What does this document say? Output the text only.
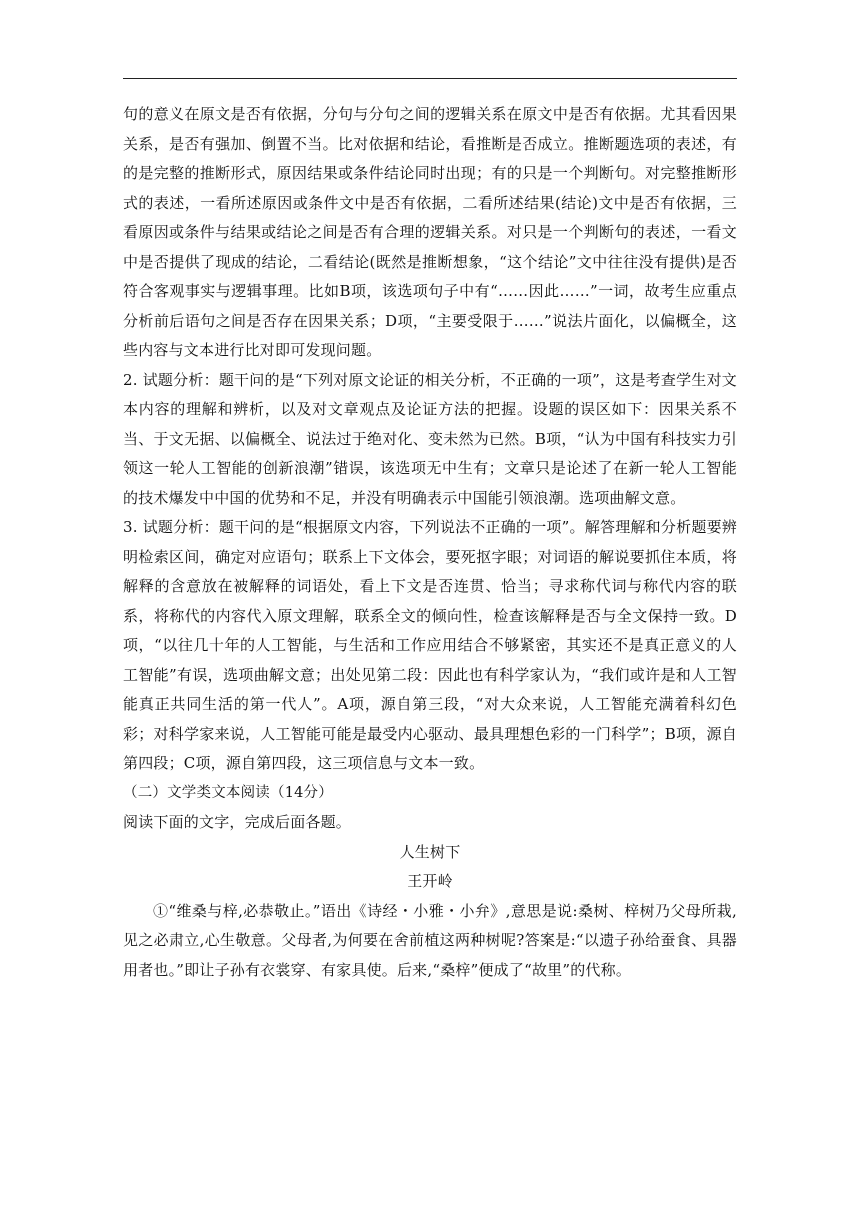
句的意义在原文是否有依据，分句与分句之间的逻辑关系在原文中是否有依据。尤其看因果关系，是否有强加、倒置不当。比对依据和结论，看推断是否成立。推断题选项的表述，有的是完整的推断形式，原因结果或条件结论同时出现；有的只是一个判断句。对完整推断形式的表述，一看所述原因或条件文中是否有依据，二看所述结果(结论)文中是否有依据，三看原因或条件与结果或结论之间是否有合理的逻辑关系。对只是一个判断句的表述，一看文中是否提供了现成的结论，二看结论(既然是推断想象，“这个结论”文中往往没有提供)是否符合客观事实与逻辑事理。比如B项，该选项句子中有“……因此……”一词，故考生应重点分析前后语句之间是否存在因果关系；D项，“主要受限于……”说法片面化，以偏概全，这些内容与文本进行比对即可发现问题。

2. 试题分析：题干问的是“下列对原文论证的相关分析，不正确的一项”，这是考查学生对文本内容的理解和辨析，以及对文章观点及论证方法的把握。设题的误区如下：因果关系不当、于文无据、以偏概全、说法过于绝对化、变未然为已然。B项，“认为中国有科技实力引领这一轮人工智能的创新浪潮”错误，该选项无中生有；文章只是论述了在新一轮人工智能的技术爆发中中国的优势和不足，并没有明确表示中国能引领浪潮。选项曲解文意。

3. 试题分析：题干问的是“根据原文内容，下列说法不正确的一项”。解答理解和分析题要辨明检索区间，确定对应语句；联系上下文体会，要死抠字眼；对词语的解说要抓住本质，将解释的含意放在被解释的词语处，看上下文是否连贯、恰当；寻求称代词与称代内容的联系，将称代的内容代入原文理解，联系全文的倾向性，检查该解释是否与全文保持一致。D项，“以往几十年的人工智能，与生活和工作应用结合不够紧密，其实还不是真正意义的人工智能”有误，选项曲解文意；出处见第二段：因此也有科学家认为，“我们或许是和人工智能真正共同生活的第一代人”。A项，源自第三段，“对大众来说，人工智能充满着科幻色彩；对科学家来说，人工智能可能是最受内心驱动、最具理想色彩的一门科学”；B项，源自第四段；C项，源自第四段，这三项信息与文本一致。

（二）文学类文本阅读（14分）

阅读下面的文字，完成后面各题。

人生树下

王开岭

①“维桑与梓,必恭敬止。”语出《诗经・小雅・小弁》,意思是说:桑树、梓树乃父母所栽,见之必肃立,心生敬意。父母者,为何要在舍前植这两种树呢?答案是:“以遗子孙给蚕食、具器用者也。”即让子孙有衣裳穿、有家具使。后来,“桑梓”便成了“故里”的代称。
